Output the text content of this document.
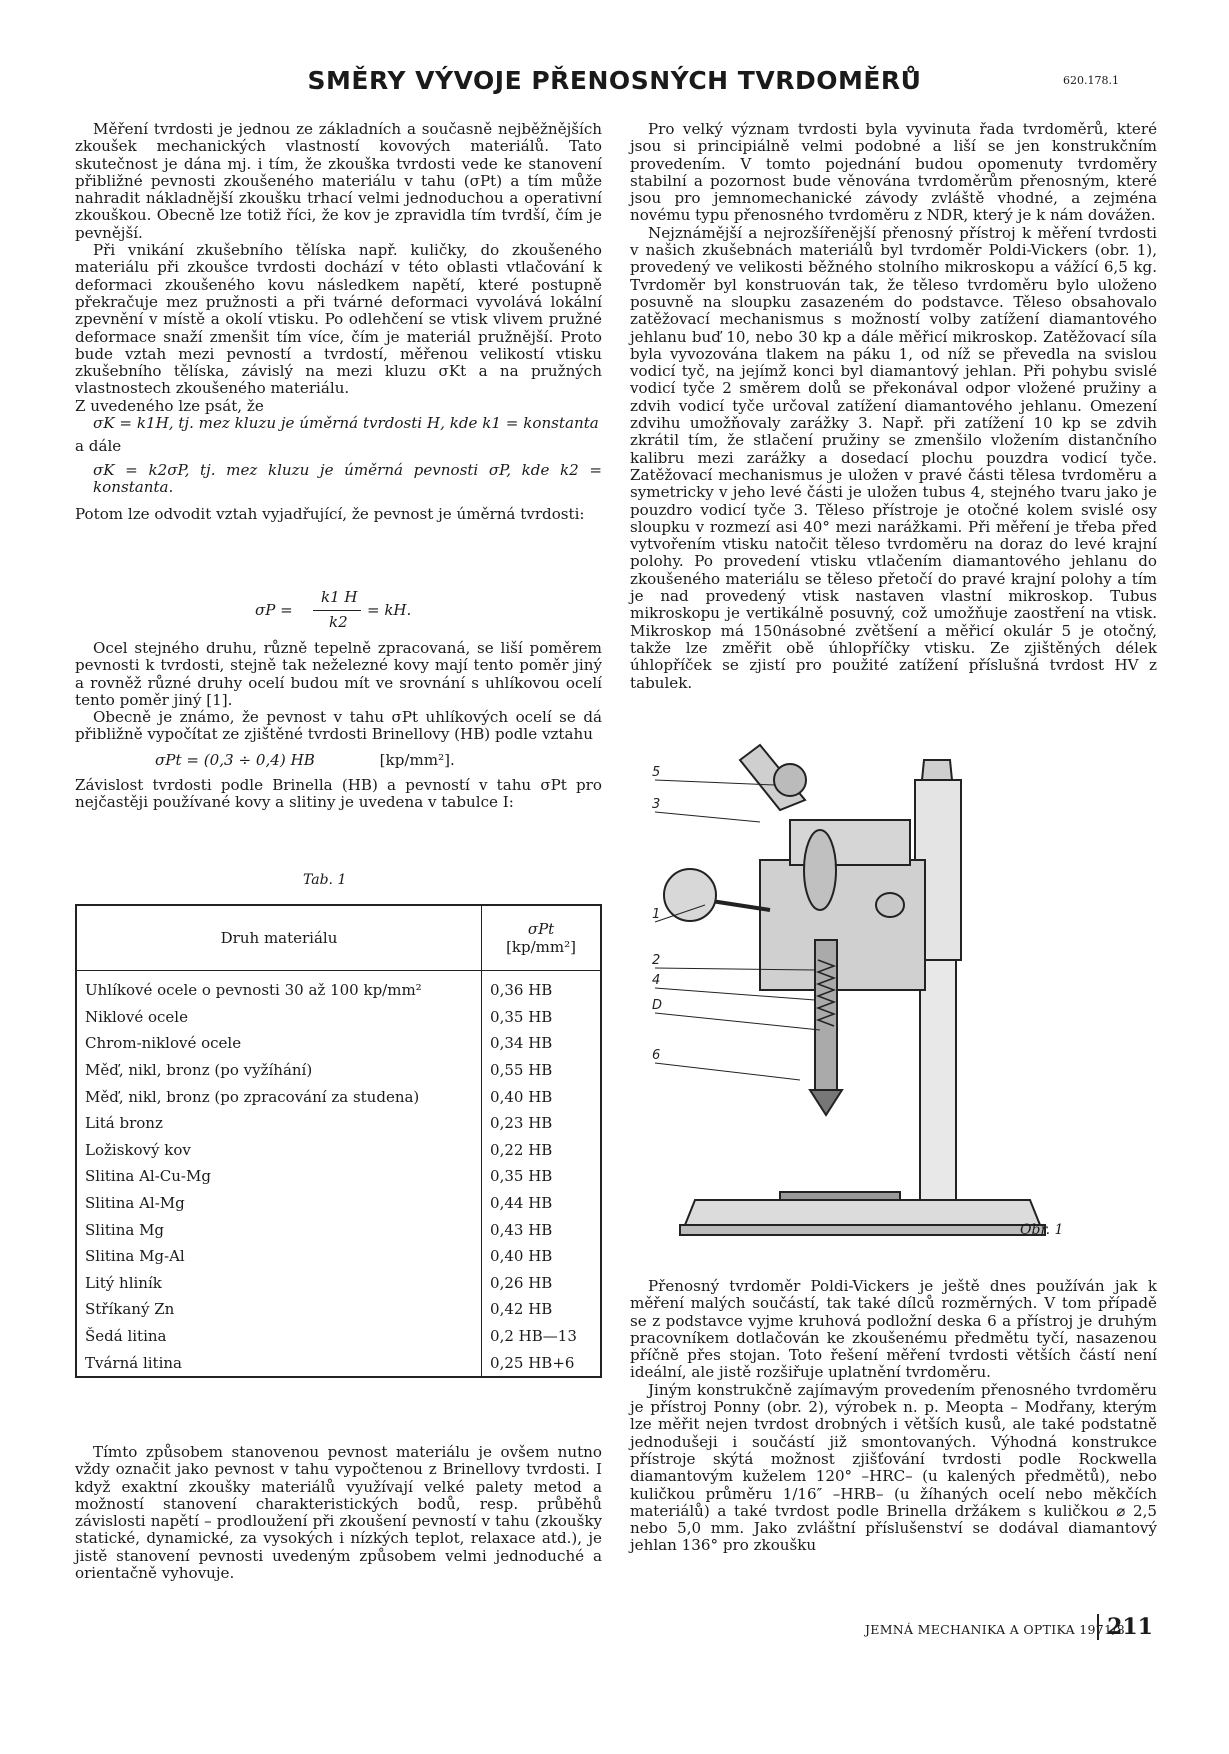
SMĚRY VÝVOJE PŘENOSNÝCH TVRDOMĚRŮ	620.178.1

Měření tvrdosti je jednou ze základních a současně nejběžnějších zkoušek mechanických vlastností kovových materiálů. Tato skutečnost je dána mj. i tím, že zkouška tvrdosti vede ke stanovení přibližné pevnosti zkoušeného materiálu v tahu (σPt) a tím může nahradit nákladnější zkoušku trhací velmi jednoduchou a operativní zkouškou. Obecně lze totiž říci, že kov je zpravidla tím tvrdší, čím je pevnější.

Při vnikání zkušebního tělíska např. kuličky, do zkoušeného materiálu při zkoušce tvrdosti dochází v této oblasti vtlačování k deformaci zkoušeného kovu následkem napětí, které postupně překračuje mez pružnosti a při tvárné deformaci vyvolává lokální zpevnění v místě a okolí vtisku. Po odlehčení se vtisk vlivem pružné deformace snaží zmenšit tím více, čím je materiál pružnější. Proto bude vztah mezi pevností a tvrdostí, měřenou velikostí vtisku zkušebního tělíska, závislý na mezi kluzu σKt a na pružných vlastnostech zkoušeného materiálu.

Z uvedeného lze psát, že

σK = k1H, tj. mez kluzu je úměrná tvrdosti H, kde k1 = konstanta

a dále

σK = k2σP, tj. mez kluzu je úměrná pevnosti σP, kde k2 = konstanta.

Potom lze odvodit vztah vyjadřující, že pevnost je úměrná tvrdosti:

σP =
k1 H
k2
= kH.

Ocel stejného druhu, různě tepelně zpracovaná, se liší poměrem pevnosti k tvrdosti, stejně tak neželezné kovy mají tento poměr jiný a rovněž různé druhy ocelí budou mít ve srovnání s uhlíkovou ocelí tento poměr jiný [1].

Obecně je známo, že pevnost v tahu σPt uhlíkových ocelí se dá přibližně vypočítat ze zjištěné tvrdosti Brinellovy (HB) podle vztahu

σPt = (0,3 ÷ 0,4) HB	[kp/mm²].

Závislost tvrdosti podle Brinella (HB) a pevností v tahu σPt pro nejčastěji používané kovy a slitiny je uvedena v tabulce I:

Tab. 1
Druh materiálu	σPt
[kp/mm²]

Uhlíkové ocele o pevnosti 30 až 100 kp/mm²	0,36 HB
Niklové ocele	0,35 HB
Chrom-niklové ocele	0,34 HB
Měď, nikl, bronz (po vyžíhání)	0,55 HB
Měď, nikl, bronz (po zpracování za studena)	0,40 HB
Litá bronz	0,23 HB
Ložiskový kov	0,22 HB
Slitina Al-Cu-Mg	0,35 HB
Slitina Al-Mg	0,44 HB
Slitina Mg	0,43 HB
Slitina Mg-Al	0,40 HB
Litý hliník	0,26 HB
Stříkaný Zn	0,42 HB
Šedá litina	0,2 HB—13
Tvárná litina	0,25 HB+6

Tímto způsobem stanovenou pevnost materiálu je ovšem nutno vždy označit jako pevnost v tahu vypočtenou z Brinellovy tvrdosti. I když exaktní zkoušky materiálů využívají velké palety metod a možností stanovení charakteristických bodů, resp. průběhů závislosti napětí – prodloužení při zkoušení pevností v tahu (zkoušky statické, dynamické, za vysokých i nízkých teplot, relaxace atd.), je jistě stanovení pevnosti uvedeným způsobem velmi jednoduché a orientačně vyhovuje.

Pro velký význam tvrdosti byla vyvinuta řada tvrdoměrů, které jsou si principiálně velmi podobné a liší se jen konstrukčním provedením. V tomto pojednání budou opomenuty tvrdoměry stabilní a pozornost bude věnována tvrdoměrům přenosným, které jsou pro jemnomechanické závody zvláště vhodné, a zejména novému typu přenosného tvrdoměru z NDR, který je k nám dovážen.

Nejznámější a nejrozšířenější přenosný přístroj k měření tvrdosti v našich zkušebnách materiálů byl tvrdoměr Poldi-Vickers (obr. 1), provedený ve velikosti běžného stolního mikroskopu a vážící 6,5 kg. Tvrdoměr byl konstruován tak, že těleso tvrdoměru bylo uloženo posuvně na sloupku zasazeném do podstavce. Těleso obsahovalo zatěžovací mechanismus s možností volby zatížení diamantového jehlanu buď 10, nebo 30 kp a dále měřicí mikroskop. Zatěžovací síla byla vyvozována tlakem na páku 1, od níž se převedla na svislou vodicí tyč, na jejímž konci byl diamantový jehlan. Při pohybu svislé vodicí tyče 2 směrem dolů se překonával odpor vložené pružiny a zdvih vodicí tyče určoval zatížení diamantového jehlanu. Omezení zdvihu umožňovaly zarážky 3. Např. při zatížení 10 kp se zdvih zkrátil tím, že stlačení pružiny se zmenšilo vložením distančního kalibru mezi zarážky a dosedací plochu pouzdra vodicí tyče. Zatěžovací mechanismus je uložen v pravé části tělesa tvrdoměru a symetricky v jeho levé části je uložen tubus 4, stejného tvaru jako je pouzdro vodicí tyče 3. Těleso přístroje je otočné kolem svislé osy sloupku v rozmezí asi 40° mezi narážkami. Při měření je třeba před vytvořením vtisku natočit těleso tvrdoměru na doraz do levé krajní polohy. Po provedení vtisku vtlačením diamantového jehlanu do zkoušeného materiálu se těleso přetočí do pravé krajní polohy a tím je nad provedený vtisk nastaven vlastní mikroskop. Tubus mikroskopu je vertikálně posuvný, což umožňuje zaostření na vtisk. Mikroskop má 150násobné zvětšení a měřicí okulár 5 je otočný, takže lze změřit obě úhlopříčky vtisku. Ze zjištěných délek úhlopříček se zjistí pro použité zatížení příslušná tvrdost HV z tabulek.

5
3
1
2
4
D
6
Obr. 1

Přenosný tvrdoměr Poldi-Vickers je ještě dnes používán jak k měření malých součástí, tak také dílců rozměrných. V tom případě se z podstavce vyjme kruhová podložní deska 6 a přístroj je druhým pracovníkem dotlačován ke zkoušenému předmětu tyčí, nasazenou příčně přes stojan. Toto řešení měření tvrdosti větších částí není ideální, ale jistě rozšiřuje uplatnění tvrdoměru.

Jiným konstrukčně zajímavým provedením přenosného tvrdoměru je přístroj Ponny (obr. 2), výrobek n. p. Meopta – Modřany, kterým lze měřit nejen tvrdost drobných i větších kusů, ale také podstatně jednodušeji i součástí již smontovaných. Výhodná konstrukce přístroje skýtá možnost zjišťování tvrdosti podle Rockwella diamantovým kuželem 120° –HRC– (u kalených předmětů), nebo kuličkou průměru 1/16″ –HRB– (u žíhaných ocelí nebo měkčích materiálů) a také tvrdost podle Brinella držákem s kuličkou ⌀ 2,5 nebo 5,0 mm. Jako zvláštní příslušenství se dodával diamantový jehlan 136° pro zkoušku

JEMNÁ MECHANIKA A OPTIKA 1971/8
211
